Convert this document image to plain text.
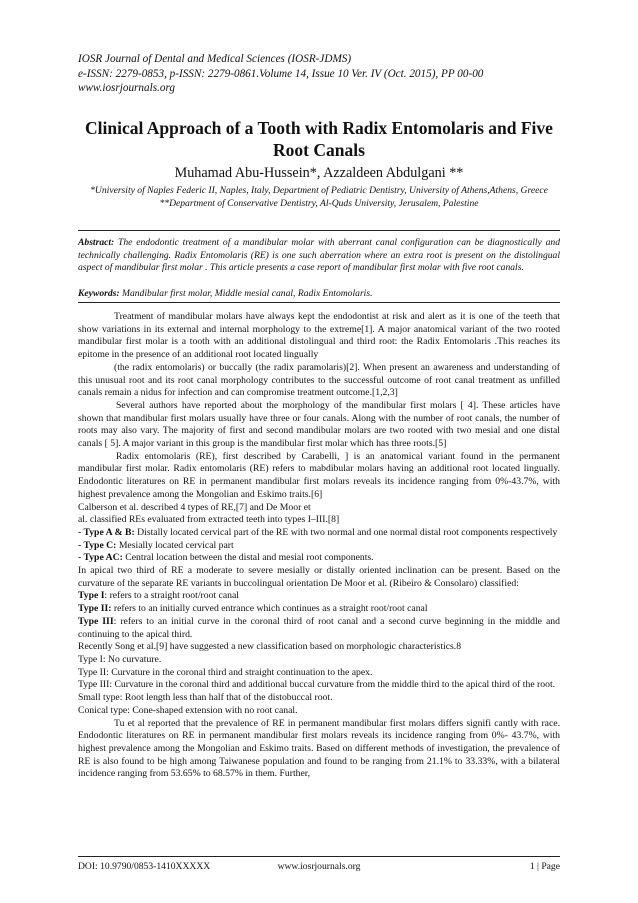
IOSR Journal of Dental and Medical Sciences (IOSR-JDMS)
e-ISSN: 2279-0853, p-ISSN: 2279-0861.Volume 14, Issue 10 Ver. IV (Oct. 2015), PP 00-00
www.iosrjournals.org
Clinical Approach of a Tooth with Radix Entomolaris and Five Root Canals
Muhamad Abu-Hussein*, Azzaldeen Abdulgani **
*University of Naples Federic II, Naples, Italy, Department of Pediatric Dentistry, University of Athens,Athens, Greece
**Department of Conservative Dentistry, Al-Quds University, Jerusalem, Palestine
Abstract: The endodontic treatment of a mandibular molar with aberrant canal configuration can be diagnostically and technically challenging. Radix Entomolaris (RE) is one such aberration where an extra root is present on the distolingual aspect of mandibular first molar . This article presents a case report of mandibular first molar with five root canals.
Keywords: Mandibular first molar, Middle mesial canal, Radix Entomolaris.

Treatment of mandibular molars have always kept the endodontist at risk and alert as it is one of the teeth that show variations in its external and internal morphology to the extreme[1]. A major anatomical variant of the two rooted mandibular first molar is a tooth with an additional distolingual and third root: the Radix Entomolaris .This reaches its epitome in the presence of an additional root located lingually

(the radix entomolaris) or buccally (the radix paramolaris)[2]. When present an awareness and understanding of this unusual root and its root canal morphology contributes to the successful outcome of root canal treatment as unfilled canals remain a nidus for infection and can compromise treatment outcome.[1,2,3]

Several authors have reported about the morphology of the mandibular first molars [ 4]. These articles have shown that mandibular first molars usually have three or four canals. Along with the number of root canals, the number of roots may also vary. The majority of first and second mandibular molars are two rooted with two mesial and one distal canals [ 5]. A major variant in this group is the mandibular first molar which has three roots.[5]

Radix entomolaris (RE), first described by Carabelli, ] is an anatomical variant found in the permanent mandibular first molar. Radix entomolaris (RE) refers to mabdibular molars having an additional root located lingually. Endodontic literatures on RE in permanent mandibular first molars reveals its incidence ranging from 0%-43.7%, with highest prevalence among the Mongolian and Eskimo traits.[6]

Calberson et al. described 4 types of RE,[7] and De Moor et

al. classified REs evaluated from extracted teeth into types I–III.[8]

- Type A & B: Distally located cervical part of the RE with two normal and one normal distal root components respectively

- Type C: Mesially located cervical part

- Type AC: Central location between the distal and mesial root components.

In apical two third of RE a moderate to severe mesially or distally oriented inclination can be present. Based on the curvature of the separate RE variants in buccolingual orientation De Moor et al. (Ribeiro & Consolaro) classified:

Type I: refers to a straight root/root canal

Type II: refers to an initially curved entrance which continues as a straight root/root canal

Type III: refers to an initial curve in the coronal third of root canal and a second curve beginning in the middle and continuing to the apical third.

Recently Song et al.[9] have suggested a new classification based on morphologic characteristics.8

Type I: No curvature.

Type II: Curvature in the coronal third and straight continuation to the apex.

Type III: Curvature in the coronal third and additional buccal curvature from the middle third to the apical third of the root.

Small type: Root length less than half that of the distobuccal root.

Conical type: Cone-shaped extension with no root canal.

Tu et al reported that the prevalence of RE in permanent mandibular first molars differs signifi cantly with race. Endodontic literatures on RE in permanent mandibular first molars reveals its incidence ranging from 0%- 43.7%, with highest prevalence among the Mongolian and Eskimo traits. Based on different methods of investigation, the prevalence of RE is also found to be high among Taiwanese population and found to be ranging from 21.1% to 33.33%, with a bilateral incidence ranging from 53.65% to 68.57% in them. Further,

DOI: 10.9790/0853-1410XXXXX	www.iosrjournals.org	1 | Page
